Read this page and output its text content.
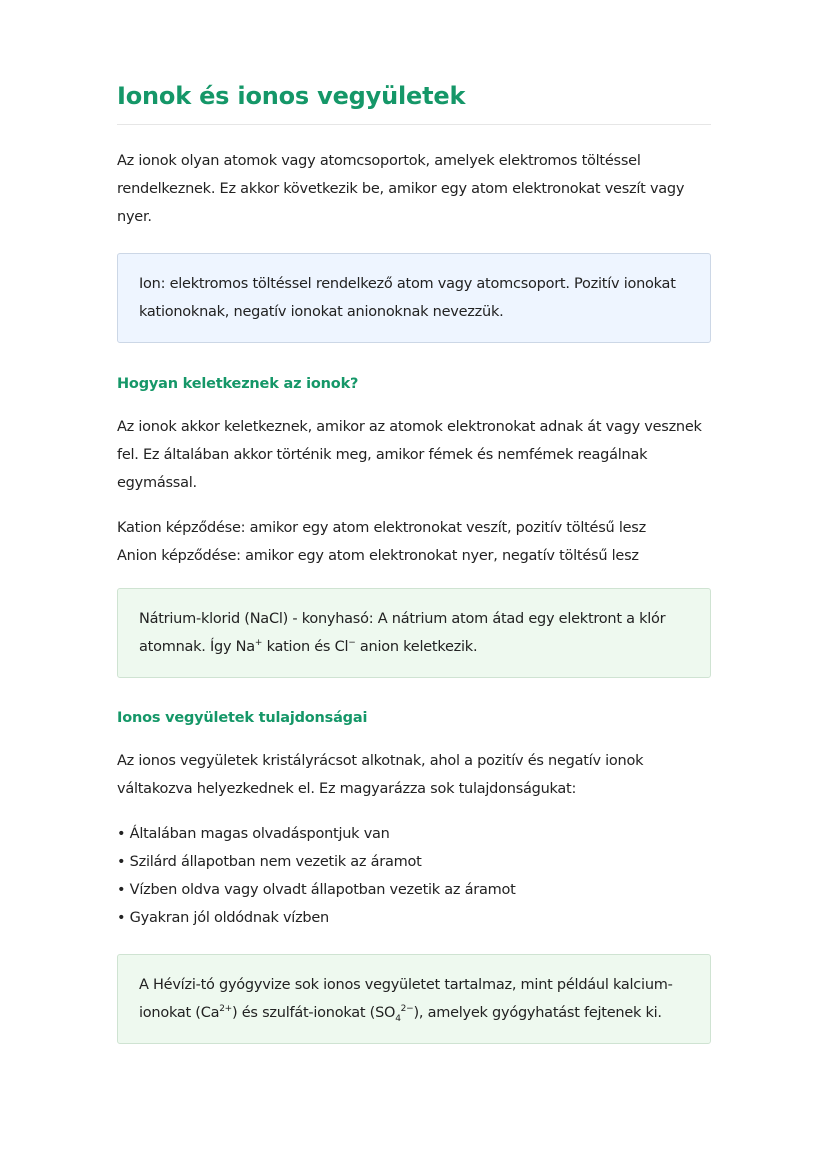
Ionok és ionos vegyületek

Az ionok olyan atomok vagy atomcsoportok, amelyek elektromos töltéssel rendelkeznek. Ez akkor következik be, amikor egy atom elektronokat veszít vagy nyer.

Ion: elektromos töltéssel rendelkező atom vagy atomcsoport. Pozitív ionokat kationoknak, negatív ionokat anionoknak nevezzük.
Hogyan keletkeznek az ionok?

Az ionok akkor keletkeznek, amikor az atomok elektronokat adnak át vagy vesznek fel. Ez általában akkor történik meg, amikor fémek és nemfémek reagálnak egymással.

Kation képződése: amikor egy atom elektronokat veszít, pozitív töltésű lesz
Anion képződése: amikor egy atom elektronokat nyer, negatív töltésű lesz
Nátrium-klorid (NaCl) - konyhasó: A nátrium atom átad egy elektront a klór atomnak. Így Na+ kation és Cl− anion keletkezik.
Ionos vegyületek tulajdonságai

Az ionos vegyületek kristályrácsot alkotnak, ahol a pozitív és negatív ionok váltakozva helyezkednek el. Ez magyarázza sok tulajdonságukat:

• Általában magas olvadáspontjuk van
• Szilárd állapotban nem vezetik az áramot
• Vízben oldva vagy olvadt állapotban vezetik az áramot
• Gyakran jól oldódnak vízben
A Hévízi-tó gyógyvize sok ionos vegyületet tartalmaz, mint például kalcium-ionokat $(Ca^{2+})$ és szulfát-ionokat $(SO_4^{2-})$, amelyek gyógyhatást fejtenek ki.
